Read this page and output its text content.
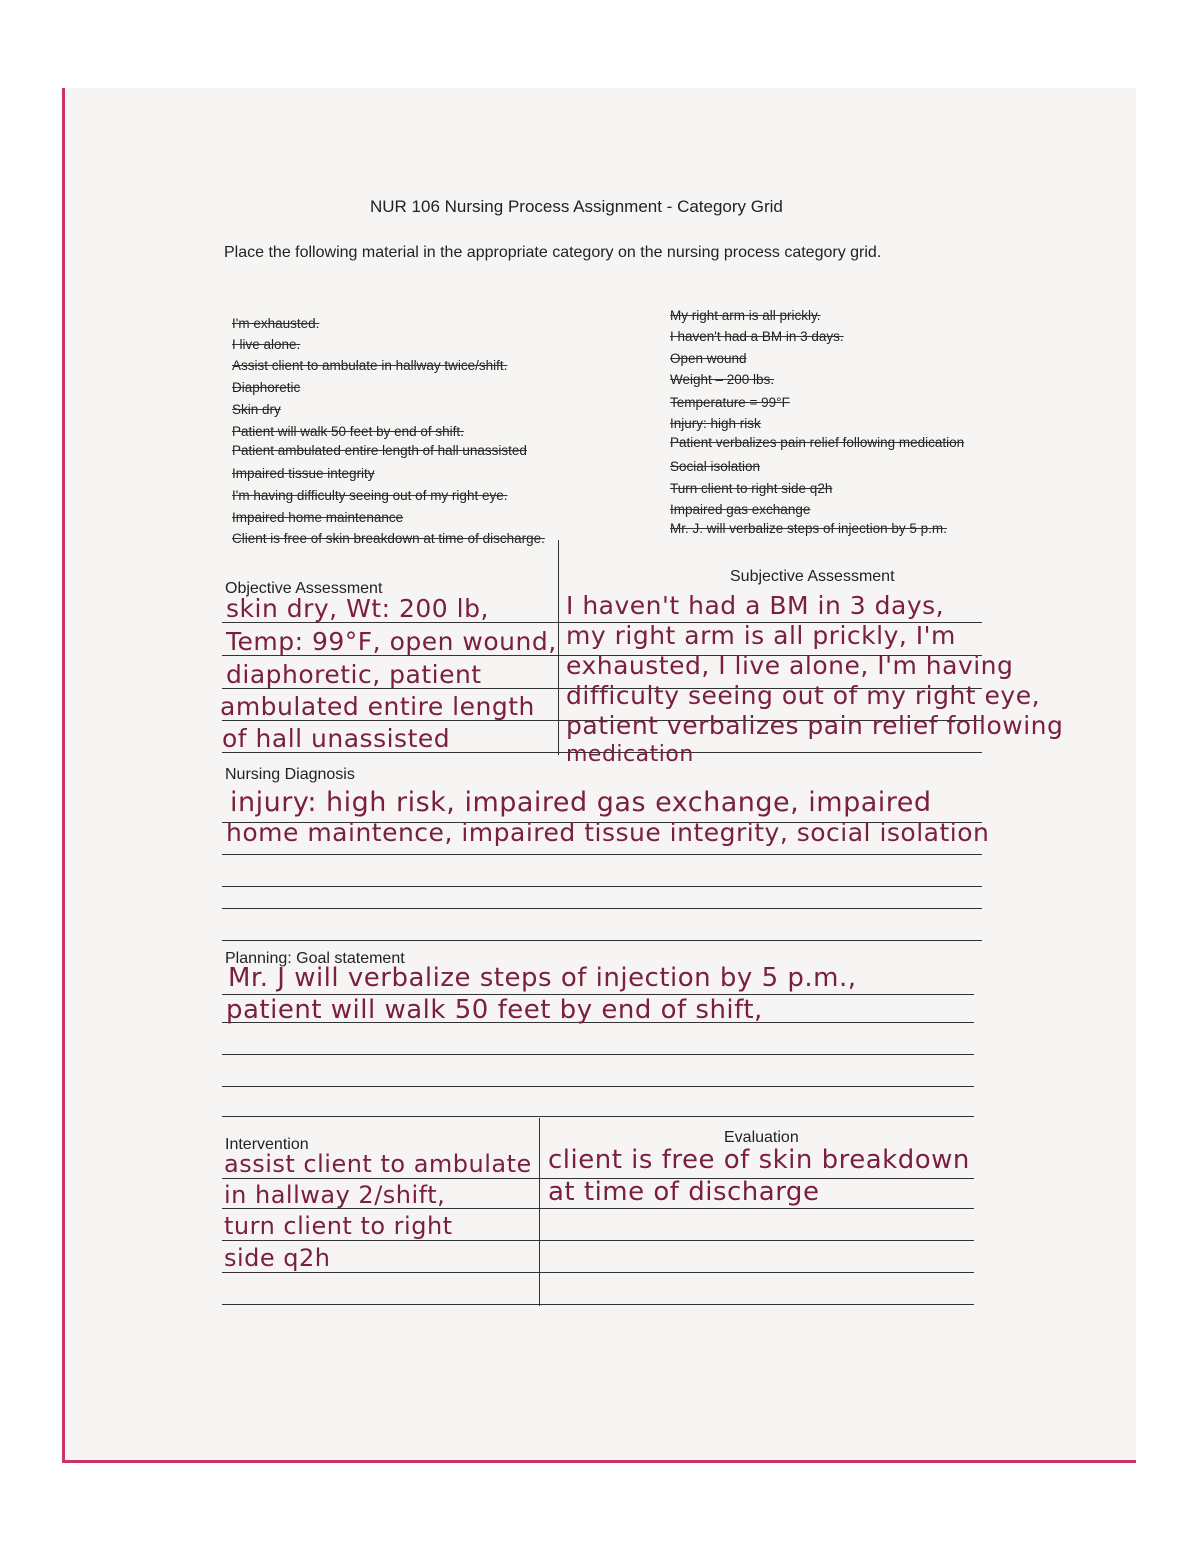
NUR 106 Nursing Process Assignment - Category Grid
Place the following material in the appropriate category on the nursing process category grid.
I'm exhausted.
I live alone.
Assist client to ambulate in hallway twice/shift.
Diaphoretic
Skin dry
Patient will walk 50 feet by end of shift.
Patient ambulated entire length of hall unassisted
Impaired tissue integrity
I'm having difficulty seeing out of my right eye.
Impaired home maintenance
Client is free of skin breakdown at time of discharge.
My right arm is all prickly.
I haven't had a BM in 3 days.
Open wound
Weight – 200 lbs.
Temperature = 99°F
Injury: high risk
Patient verbalizes pain relief following medication
Social isolation
Turn client to right side q2h
Impaired gas exchange
Mr. J. will verbalize steps of injection by 5 p.m.
Objective Assessment
Subjective Assessment
skin dry, Wt: 200 lb,
Temp: 99°F, open wound,
diaphoretic, patient
ambulated entire length
of hall unassisted
I haven't had a BM in 3 days,
my right arm is all prickly, I'm
exhausted, I live alone, I'm having
difficulty seeing out of my right eye,
patient verbalizes pain relief following
medication
Nursing Diagnosis
injury: high risk, impaired gas exchange, impaired
home maintence, impaired tissue integrity, social isolation
Planning: Goal statement
Mr. J will verbalize steps of injection by 5 p.m.,
patient will walk 50 feet by end of shift,
Intervention	Evaluation
assist client to ambulate
in hallway 2/shift,
turn client to right
side q2h
client is free of skin breakdown
at time of discharge
